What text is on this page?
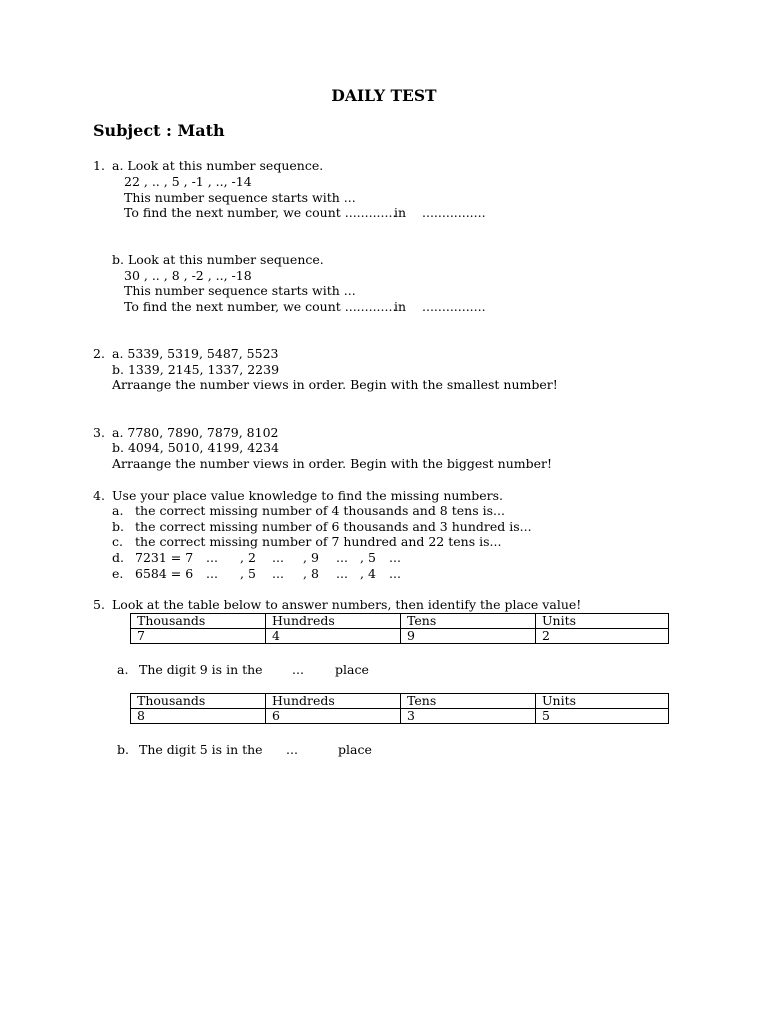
DAILY TEST
Subject : Math
1. a. Look at this number sequence.
22 , .. , 5 , -1 , .., -14
This number sequence starts with ...
To find the next number, we count .............
in ................
b. Look at this number sequence.
30 , .. , 8 , -2 , .., -18
This number sequence starts with ...
To find the next number, we count .............
in ................
2. a. 5339, 5319, 5487, 5523
b. 1339, 2145, 1337, 2239
Arraange the number views in order. Begin with the smallest number!
3. a. 7780, 7890, 7879, 8102
b. 4094, 5010, 4199, 4234
Arraange the number views in order. Begin with the biggest number!
4. Use your place value knowledge to find the missing numbers.
a. the correct missing number of 4 thousands and 8 tens is...
b. the correct missing number of 6 thousands and 3 hundred is...
c. the correct missing number of 7 hundred and 22 tens is...
d. 7231 = 7 ... , 2 ... , 9 ... , 5 ...
e. 6584 = 6 ... , 5 ... , 8 ... , 4 ...
5. Look at the table below to answer numbers, then identify the place value!
Thousands	Hundreds	Tens	Units
7	4	9	2
a. The digit 9 is in the ... place
Thousands	Hundreds	Tens	Units
8	6	3	5
b. The digit 5 is in the ...	place
